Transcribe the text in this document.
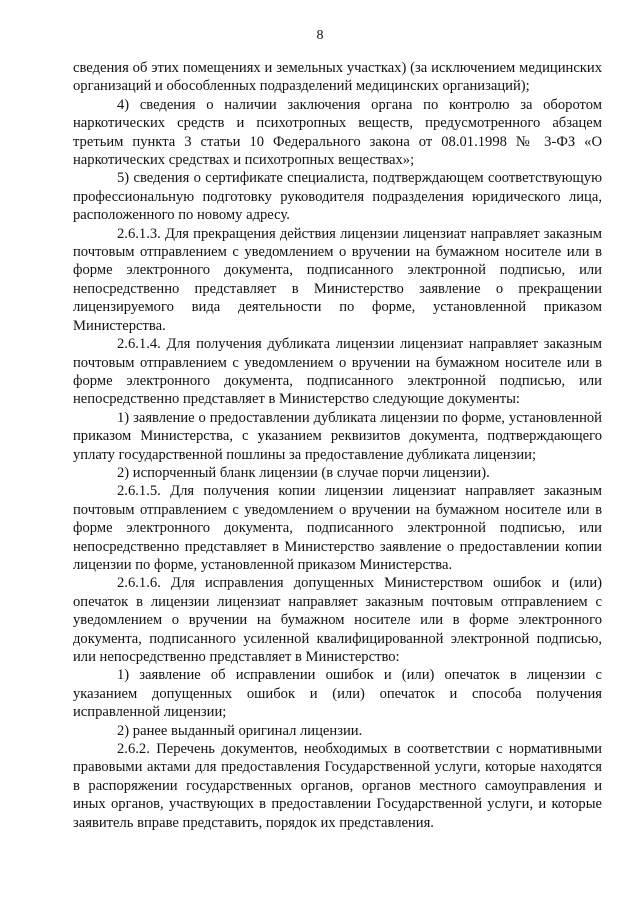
8

сведения об этих помещениях и земельных участках) (за исключением медицинских организаций и обособленных подразделений медицинских организаций);

4) сведения о наличии заключения органа по контролю за оборотом наркотических средств и психотропных веществ, предусмотренного абзацем третьим пункта 3 статьи 10 Федерального закона от 08.01.1998 № 3-ФЗ «О наркотических средствах и психотропных веществах»;

5) сведения о сертификате специалиста, подтверждающем соответствующую профессиональную подготовку руководителя подразделения юридического лица, расположенного по новому адресу.

2.6.1.3. Для прекращения действия лицензии лицензиат направляет заказным почтовым отправлением с уведомлением о вручении на бумажном носителе или в форме электронного документа, подписанного электронной подписью, или непосредственно представляет в Министерство заявление о прекращении лицензируемого вида деятельности по форме, установленной приказом Министерства.

2.6.1.4. Для получения дубликата лицензии лицензиат направляет заказным почтовым отправлением с уведомлением о вручении на бумажном носителе или в форме электронного документа, подписанного электронной подписью, или непосредственно представляет в Министерство следующие документы:

1) заявление о предоставлении дубликата лицензии по форме, установленной приказом Министерства, с указанием реквизитов документа, подтверждающего уплату государственной пошлины за предоставление дубликата лицензии;

2) испорченный бланк лицензии (в случае порчи лицензии).

2.6.1.5. Для получения копии лицензии лицензиат направляет заказным почтовым отправлением с уведомлением о вручении на бумажном носителе или в форме электронного документа, подписанного электронной подписью, или непосредственно представляет в Министерство заявление о предоставлении копии лицензии по форме, установленной приказом Министерства.

2.6.1.6. Для исправления допущенных Министерством ошибок и (или) опечаток в лицензии лицензиат направляет заказным почтовым отправлением с уведомлением о вручении на бумажном носителе или в форме электронного документа, подписанного усиленной квалифицированной электронной подписью, или непосредственно представляет в Министерство:

1) заявление об исправлении ошибок и (или) опечаток в лицензии с указанием допущенных ошибок и (или) опечаток и способа получения исправленной лицензии;

2) ранее выданный оригинал лицензии.

2.6.2. Перечень документов, необходимых в соответствии с нормативными правовыми актами для предоставления Государственной услуги, которые находятся в распоряжении государственных органов, органов местного самоуправления и иных органов, участвующих в предоставлении Государственной услуги, и которые заявитель вправе представить, порядок их представления.
